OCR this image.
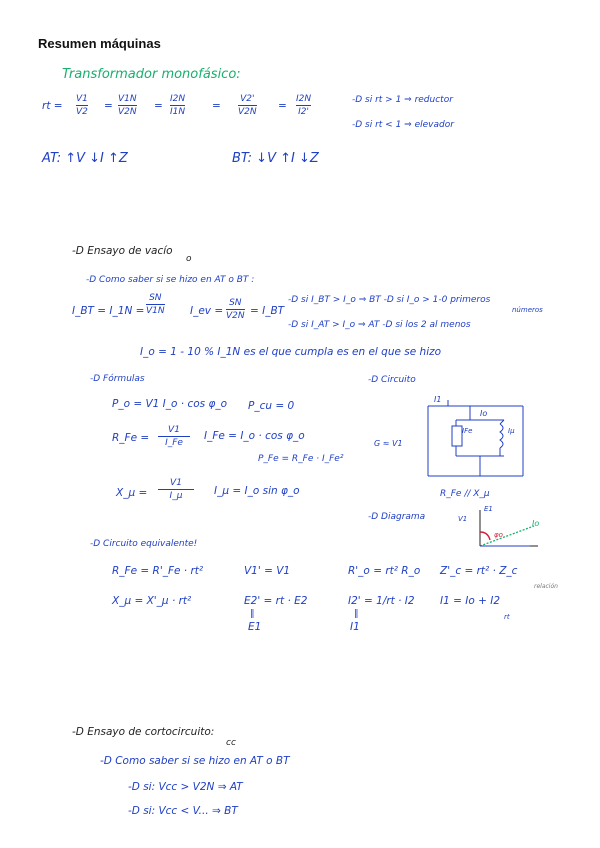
Resumen máquinas
Transformador monofásico:
rt =
V1
V2
=
V1N
V2N
=
I2N
I1N
=
V2'
V2N
=
I2N
I2'
-D si rt > 1 ⇒ reductor
-D si rt < 1 ⇒ elevador
AT: ↑V ↓I ↑Z	BT: ↓V ↑I ↓Z
-D Ensayo de vacío
o
-D Como saber si se hizo en AT o BT :
I_BT = I_1N =
SN
V1N I_ev =
SN
V2N = I_BT
-D si I_BT > I_o ⇒ BT -D si I_o > 1-0 primeros
números
-D si I_AT > I_o ⇒ AT -D si los 2 al menos
I_o = 1 - 10 % I_1N es el que cumpla es en el que se hizo
-D Fórmulas
P_o = V1 I_o · cos φ_o P_cu = 0
R_Fe =
V1
I_Fe
I_Fe = I_o · cos φ_o
P_Fe = R_Fe · I_Fe²
X_μ =
V1
I_μ	I_μ = I_o sin φ_o
-D Circuito
I1
Io
IFe	Iμ
G ≈ V1
R_Fe // X_μ
-D Diagrama	V1
E1
Io
φo
-D Circuito equivalente!
R_Fe = R'_Fe · rt²	V1' = V1	R'_o = rt² R_o Z'_c = rt² · Z_c
X_μ = X'_μ · rt²	E2' = rt · E2
‖
E1
I2' = 1/rt · I2
‖
I1
I1 = Io + I2
rt
relación
-D Ensayo de cortocircuito:
cc
-D Como saber si se hizo en AT o BT
-D si: Vcc > V2N ⇒ AT
-D si: Vcc < V... ⇒ BT
